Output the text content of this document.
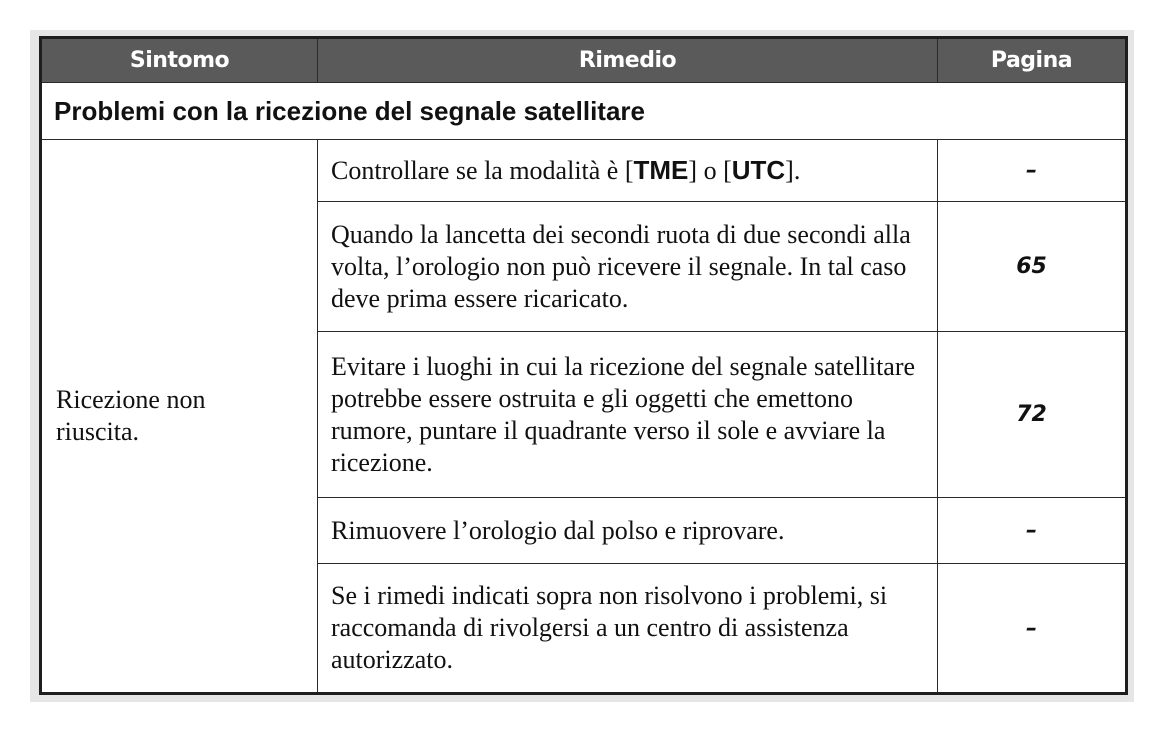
Sintomo	Rimedio	Pagina
Problemi con la ricezione del segnale satellitare		

Ricezione non riuscita.	Controllare se la modalità è [TME] o [UTC].	–
	Quando la lancetta dei secondi ruota di due secondi alla volta, l’orologio non può ricevere il segnale. In tal caso deve prima essere ricaricato.	65
	Evitare i luoghi in cui la ricezione del segnale satellitare potrebbe essere ostruita e gli oggetti che emettono rumore, puntare il quadrante verso il sole e avviare la ricezione.	72
	Rimuovere l’orologio dal polso e riprovare.	–
	Se i rimedi indicati sopra non risolvono i problemi, si raccomanda di rivolgersi a un centro di assistenza autorizzato.	–
